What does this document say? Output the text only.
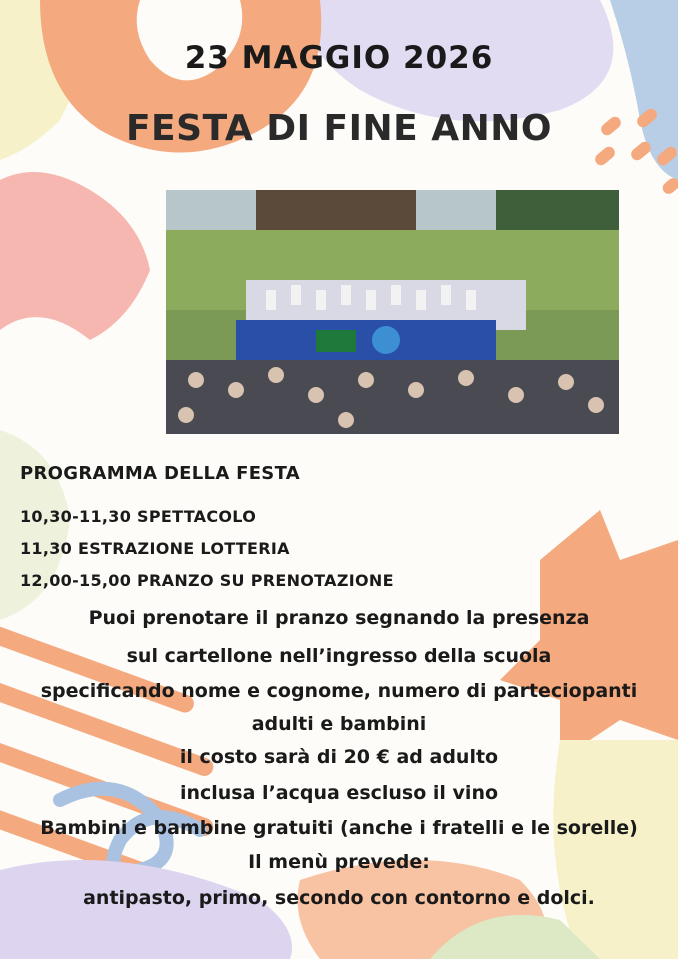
23 MAGGIO 2026
FESTA DI FINE ANNO
PROGRAMMA DELLA FESTA
10,30-11,30 SPETTACOLO
11,30 ESTRAZIONE LOTTERIA
12,00-15,00 PRANZO SU PRENOTAZIONE
Puoi prenotare il pranzo segnando la presenza
sul cartellone nell’ingresso della scuola
specificando nome e cognome, numero di parteciopanti
adulti e bambini
il costo sarà di 20 € ad adulto
inclusa l’acqua escluso il vino
Bambini e bambine gratuiti (anche i fratelli e le sorelle)
Il menù prevede:
antipasto, primo, secondo con contorno e dolci.
